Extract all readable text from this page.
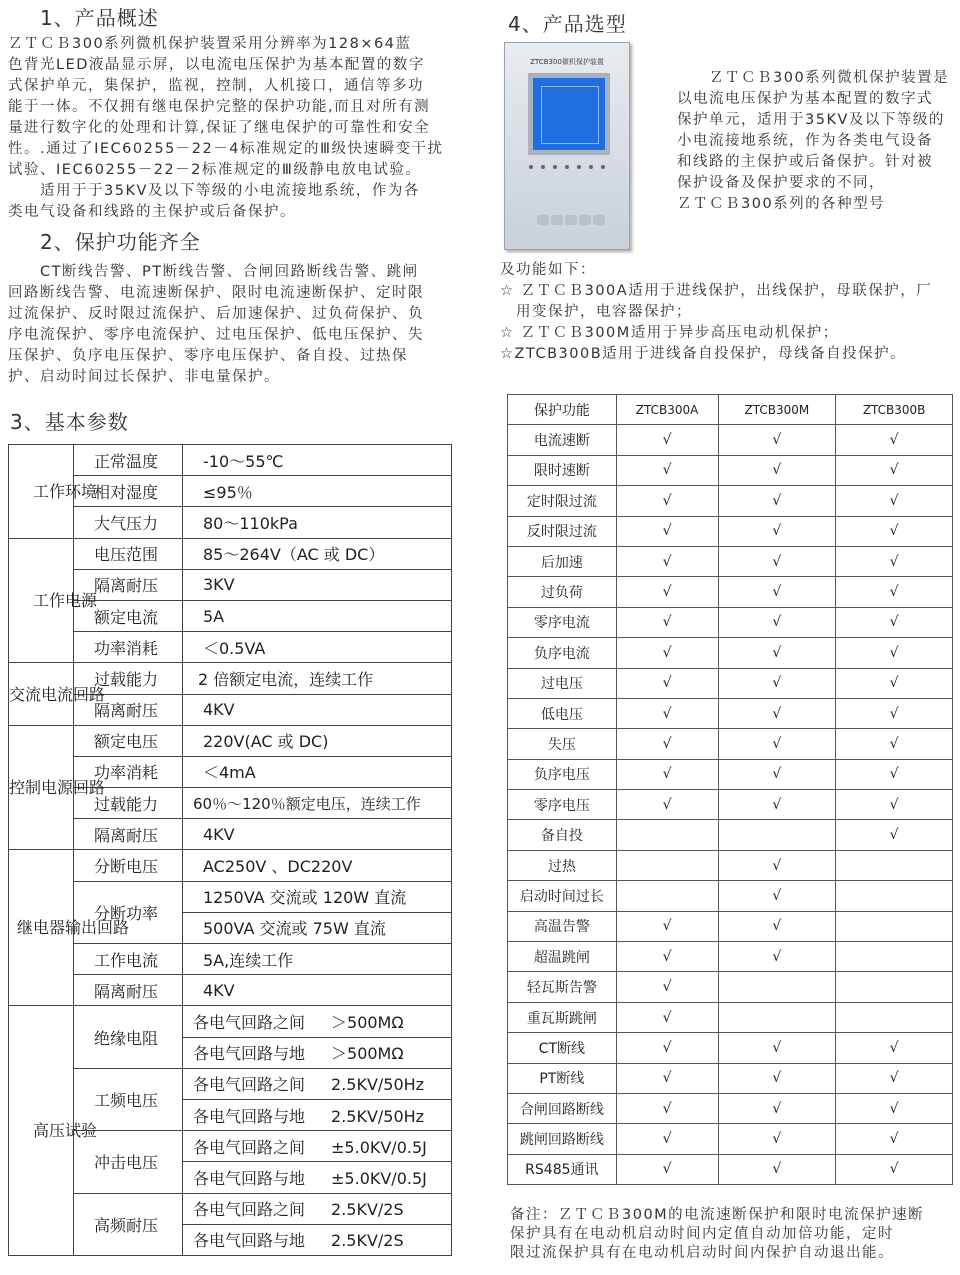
1、产品概述
ＺＴＣＢ300系列微机保护装置采用分辨率为128×64蓝
色背光LED液晶显示屏，以电流电压保护为基本配置的数字
式保护单元，集保护，监视，控制，人机接口，通信等多功
能于一体。不仅拥有继电保护完整的保护功能,而且对所有测
量进行数字化的处理和计算,保证了继电保护的可靠性和安全
性。.通过了IEC60255－22－4标准规定的Ⅲ级快速瞬变干扰
试验、IEC60255－22－2标准规定的Ⅲ级静电放电试验。
　　适用于于35KV及以下等级的小电流接地系统，作为各
类电气设备和线路的主保护或后备保护。
2、保护功能齐全
　　CT断线告警、PT断线告警、合闸回路断线告警、跳闸
回路断线告警、电流速断保护、限时电流速断保护、定时限
过流保护、反时限过流保护、后加速保护、过负荷保护、负
序电流保护、零序电流保护、过电压保护、低电压保护、失
压保护、负序电压保护、零序电压保护、备自投、过热保
护、启动时间过长保护、非电量保护。
3、基本参数
工作环境	正常温度	-10～55℃
	相对湿度	≤95％
	大气压力	80～110kPa

工作电源	电压范围	85～264V（AC 或 DC）
	隔离耐压	3KV
	额定电流	5A
	功率消耗	＜0.5VA

交流电流回路	过载能力	2 倍额定电流，连续工作
	隔离耐压	4KV

控制电源回路	额定电压	220V(AC 或 DC)
	功率消耗	＜4mA
	过载能力	60％～120％额定电压，连续工作
	隔离耐压	4KV

继电器输出回路	分断电压	AC250V 、DC220V
	分断功率	1250VA 交流或 120W 直流
		500VA 交流或 75W 直流
	工作电流	5A,连续工作
	隔离耐压	4KV

高压试验	绝缘电阻	各电气回路之间 ＞500MΩ
		各电气回路与地 ＞500MΩ
	工频电压	各电气回路之间 2.5KV/50Hz
		各电气回路与地 2.5KV/50Hz
	冲击电压	各电气回路之间 ±5.0KV/0.5J
		各电气回路与地 ±5.0KV/0.5J
	高频耐压	各电气回路之间 2.5KV/2S
		各电气回路与地 2.5KV/2S
4、产品选型
ZTCB300微机保护装置
　　ＺＴＣＢ300系列微机保护装置是
以电流电压保护为基本配置的数字式
保护单元，适用于35KV及以下等级的
小电流接地系统，作为各类电气设备
和线路的主保护或后备保护。针对被
保护设备及保护要求的不同，
ＺＴＣＢ300系列的各种型号
及功能如下：
☆ ＺＴＣＢ300A适用于进线保护，出线保护，母联保护，厂
　用变保护，电容器保护；
☆ ＺＴＣＢ300M适用于异步高压电动机保护；
☆ZTCB300B适用于进线备自投保护，母线备自投保护。
保护功能	ZTCB300A	ZTCB300M	ZTCB300B
电流速断	√	√	√
限时速断	√	√	√
定时限过流	√	√	√
反时限过流	√	√	√
后加速	√	√	√
过负荷	√	√	√
零序电流	√	√	√
负序电流	√	√	√
过电压	√	√	√
低电压	√	√	√
失压	√	√	√
负序电压	√	√	√
零序电压	√	√	√
备自投			√
过热		√	
启动时间过长		√	
高温告警	√	√	
超温跳闸	√	√	
轻瓦斯告警	√		
重瓦斯跳闸	√		
CT断线	√	√	√
PT断线	√	√	√
合闸回路断线	√	√	√
跳闸回路断线	√	√	√
RS485通讯	√	√	√
备注：ＺＴＣＢ300M的电流速断保护和限时电流保护速断
保护具有在电动机启动时间内定值自动加倍功能，定时
限过流保护具有在电动机启动时间内保护自动退出能。
